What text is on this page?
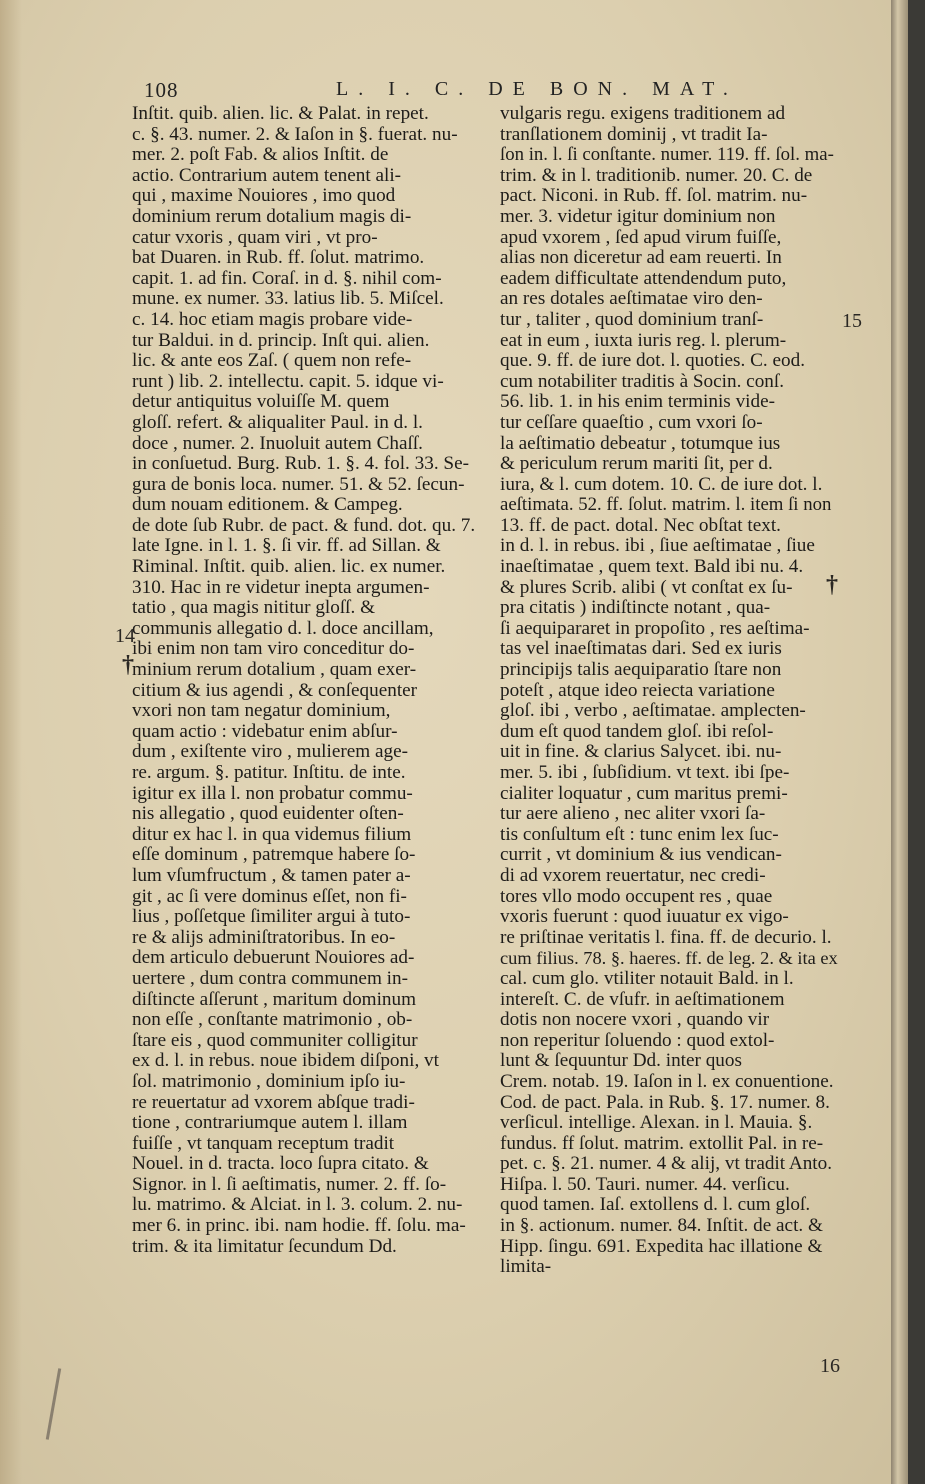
108	L. I. C. DE BON. MAT.
Inſtit. quib. alien. lic. & Palat. in repet.
c. §. 43. numer. 2. & Iaſon in §. fuerat. nu-
mer. 2. poſt Fab. & alios Inſtit. de
actio. Contrarium autem tenent ali-
qui , maxime Nouiores , imo quod
dominium rerum dotalium magis di-
catur vxoris , quam viri , vt pro-
bat Duaren. in Rub. ff. ſolut. matrimo.
capit. 1. ad fin. Coraſ. in d. §. nihil com-
mune. ex numer. 33. latius lib. 5. Miſcel.
c. 14. hoc etiam magis probare vide-
tur Baldui. in d. princip. Inſt qui. alien.
lic. & ante eos Zaſ. ( quem non refe-
runt ) lib. 2. intellectu. capit. 5. idque vi-
detur antiquitus voluiſſe M. quem
gloſſ. refert. & aliqualiter Paul. in d. l.
doce , numer. 2. Inuoluit autem Chaſſ.
in conſuetud. Burg. Rub. 1. §. 4. fol. 33. Se-
gura de bonis loca. numer. 51. & 52. ſecun-
dum nouam editionem. & Campeg.
de dote ſub Rubr. de pact. & fund. dot. qu. 7.
late Igne. in l. 1. §. ſi vir. ff. ad Sillan. &
Riminal. Inſtit. quib. alien. lic. ex numer.
310. Hac in re videtur inepta argumen-
tatio , qua magis nititur gloſſ. &
communis allegatio d. l. doce ancillam,
ibi enim non tam viro conceditur do-
minium rerum dotalium , quam exer-
citium & ius agendi , & conſequenter
vxori non tam negatur dominium,
quam actio : videbatur enim abſur-
dum , exiſtente viro , mulierem age-
re. argum. §. patitur. Inſtitu. de inte.
igitur ex illa l. non probatur commu-
nis allegatio , quod euidenter oſten-
ditur ex hac l. in qua videmus filium
eſſe dominum , patremque habere ſo-
lum vſumfructum , & tamen pater a-
git , ac ſi vere dominus eſſet, non fi-
lius , poſſetque ſimiliter argui à tuto-
re & alijs adminiſtratoribus. In eo-
dem articulo debuerunt Nouiores ad-
uertere , dum contra communem in-
diſtincte aſſerunt , maritum dominum
non eſſe , conſtante matrimonio , ob-
ſtare eis , quod communiter colligitur
ex d. l. in rebus. noue ibidem diſponi, vt
ſol. matrimonio , dominium ipſo iu-
re reuertatur ad vxorem abſque tradi-
tione , contrariumque autem l. illam
fuiſſe , vt tanquam receptum tradit
Nouel. in d. tracta. loco ſupra citato. &
Signor. in l. ſi aeſtimatis, numer. 2. ff. ſo-
lu. matrimo. & Alciat. in l. 3. colum. 2. nu-
mer 6. in princ. ibi. nam hodie. ff. ſolu. ma-
trim. & ita limitatur ſecundum Dd.
vulgaris regu. exigens traditionem ad
tranſlationem dominij , vt tradit Ia-
ſon in. l. ſi conſtante. numer. 119. ff. ſol. ma-
trim. & in l. traditionib. numer. 20. C. de
pact. Niconi. in Rub. ff. ſol. matrim. nu-
mer. 3. videtur igitur dominium non
apud vxorem , ſed apud virum fuiſſe,
alias non diceretur ad eam reuerti. In
eadem difficultate attendendum puto,
an res dotales aeſtimatae viro den-
tur , taliter , quod dominium tranſ-
eat in eum , iuxta iuris reg. l. plerum-
que. 9. ff. de iure dot. l. quoties. C. eod.
cum notabiliter traditis à Socin. conſ.
56. lib. 1. in his enim terminis vide-
tur ceſſare quaeſtio , cum vxori ſo-
la aeſtimatio debeatur , totumque ius
& periculum rerum mariti ſit, per d.
iura, & l. cum dotem. 10. C. de iure dot. l.
aeſtimata. 52. ff. ſolut. matrim. l. item ſi non
13. ff. de pact. dotal. Nec obſtat text.
in d. l. in rebus. ibi , ſiue aeſtimatae , ſiue
inaeſtimatae , quem text. Bald ibi nu. 4.
& plures Scrib. alibi ( vt conſtat ex ſu-
pra citatis ) indiſtincte notant , qua-
ſi aequipararet in propoſito , res aeſtima-
tas vel inaeſtimatas dari. Sed ex iuris
principijs talis aequiparatio ſtare non
poteſt , atque ideo reiecta variatione
gloſ. ibi , verbo , aeſtimatae. amplecten-
dum eſt quod tandem gloſ. ibi reſol-
uit in fine. & clarius Salycet. ibi. nu-
mer. 5. ibi , ſubſidium. vt text. ibi ſpe-
cialiter loquatur , cum maritus premi-
tur aere alieno , nec aliter vxori ſa-
tis conſultum eſt : tunc enim lex ſuc-
currit , vt dominium & ius vendican-
di ad vxorem reuertatur, nec credi-
tores vllo modo occupent res , quae
vxoris fuerunt : quod iuuatur ex vigo-
re priſtinae veritatis l. fina. ff. de decurio. l.
cum filius. 78. §. haeres. ff. de leg. 2. & ita ex
cal. cum glo. vtiliter notauit Bald. in l.
intereſt. C. de vſufr. in aeſtimationem
dotis non nocere vxori , quando vir
non reperitur ſoluendo : quod extol-
lunt & ſequuntur Dd. inter quos
Crem. notab. 19. Iaſon in l. ex conuentione.
Cod. de pact. Pala. in Rub. §. 17. numer. 8.
verſicul. intellige. Alexan. in l. Mauia. §.
fundus. ff ſolut. matrim. extollit Pal. in re-
pet. c. §. 21. numer. 4 & alij, vt tradit Anto.
Hiſpa. l. 50. Tauri. numer. 44. verſicu.
quod tamen. Iaſ. extollens d. l. cum gloſ.
in §. actionum. numer. 84. Inſtit. de act. &
Hipp. ſingu. 691. Expedita hac illatione &
limita-
15
16
14
†
†
